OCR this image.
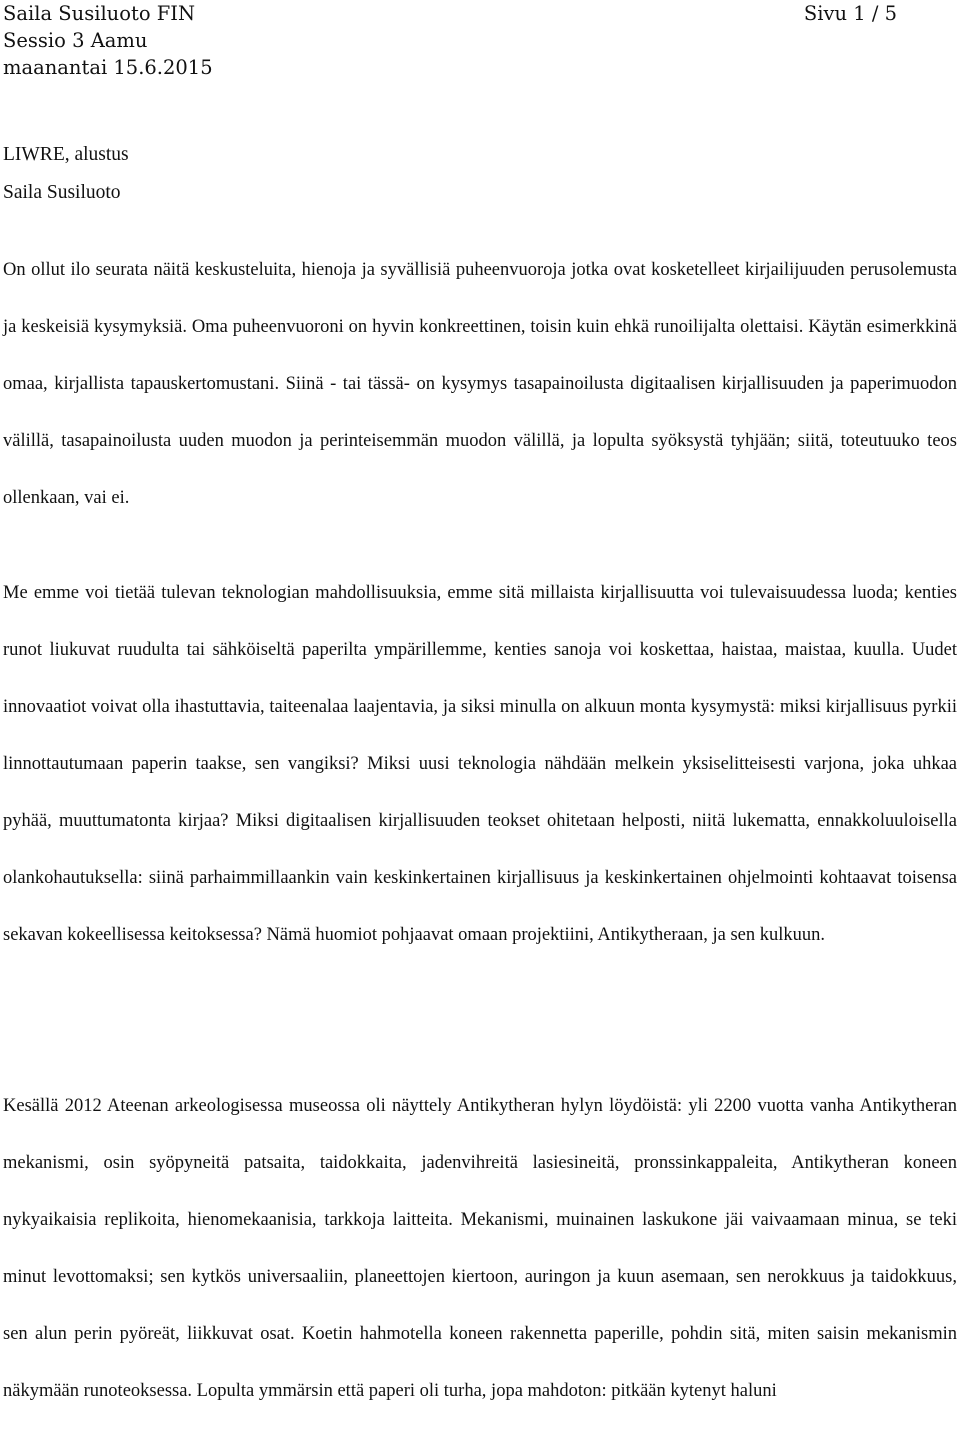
Saila Susiluoto FIN
Sessio 3 Aamu
maanantai 15.6.2015
Sivu 1 / 5
LIWRE, alustus
Saila Susiluoto

On ollut ilo seurata näitä keskusteluita, hienoja ja syvällisiä puheenvuoroja jotka ovat kosketelleet kirjailijuuden perusolemusta ja keskeisiä kysymyksiä. Oma puheenvuoroni on hyvin konkreettinen, toisin kuin ehkä runoilijalta olettaisi. Käytän esimerkkinä omaa, kirjallista tapauskertomustani. Siinä - tai tässä- on kysymys tasapainoilusta digitaalisen kirjallisuuden ja paperimuodon välillä, tasapainoilusta uuden muodon ja perinteisemmän muodon välillä, ja lopulta syöksystä tyhjään; siitä, toteutuuko teos ollenkaan, vai ei.

Me emme voi tietää tulevan teknologian mahdollisuuksia, emme sitä millaista kirjallisuutta voi tulevaisuudessa luoda; kenties runot liukuvat ruudulta tai sähköiseltä paperilta ympärillemme, kenties sanoja voi koskettaa, haistaa, maistaa, kuulla. Uudet innovaatiot voivat olla ihastuttavia, taiteenalaa laajentavia, ja siksi minulla on alkuun monta kysymystä: miksi kirjallisuus pyrkii linnottautumaan paperin taakse, sen vangiksi? Miksi uusi teknologia nähdään melkein yksiselitteisesti varjona, joka uhkaa pyhää, muuttumatonta kirjaa? Miksi digitaalisen kirjallisuuden teokset ohitetaan helposti, niitä lukematta, ennakkoluuloisella olankohautuksella: siinä parhaimmillaankin vain keskinkertainen kirjallisuus ja keskinkertainen ohjelmointi kohtaavat toisensa sekavan kokeellisessa keitoksessa? Nämä huomiot pohjaavat omaan projektiini, Antikytheraan, ja sen kulkuun.

Kesällä 2012 Ateenan arkeologisessa museossa oli näyttely Antikytheran hylyn löydöistä: yli 2200 vuotta vanha Antikytheran mekanismi, osin syöpyneitä patsaita, taidokkaita, jadenvihreitä lasiesineitä, pronssinkappaleita, Antikytheran koneen nykyaikaisia replikoita, hienomekaanisia, tarkkoja laitteita. Mekanismi, muinainen laskukone jäi vaivaamaan minua, se teki minut levottomaksi; sen kytkös universaaliin, planeettojen kiertoon, auringon ja kuun asemaan, sen nerokkuus ja taidokkuus, sen alun perin pyöreät, liikkuvat osat. Koetin hahmotella koneen rakennetta paperille, pohdin sitä, miten saisin mekanismin näkymään runoteoksessa. Lopulta ymmärsin että paperi oli turha, jopa mahdoton: pitkään kytenyt haluni
